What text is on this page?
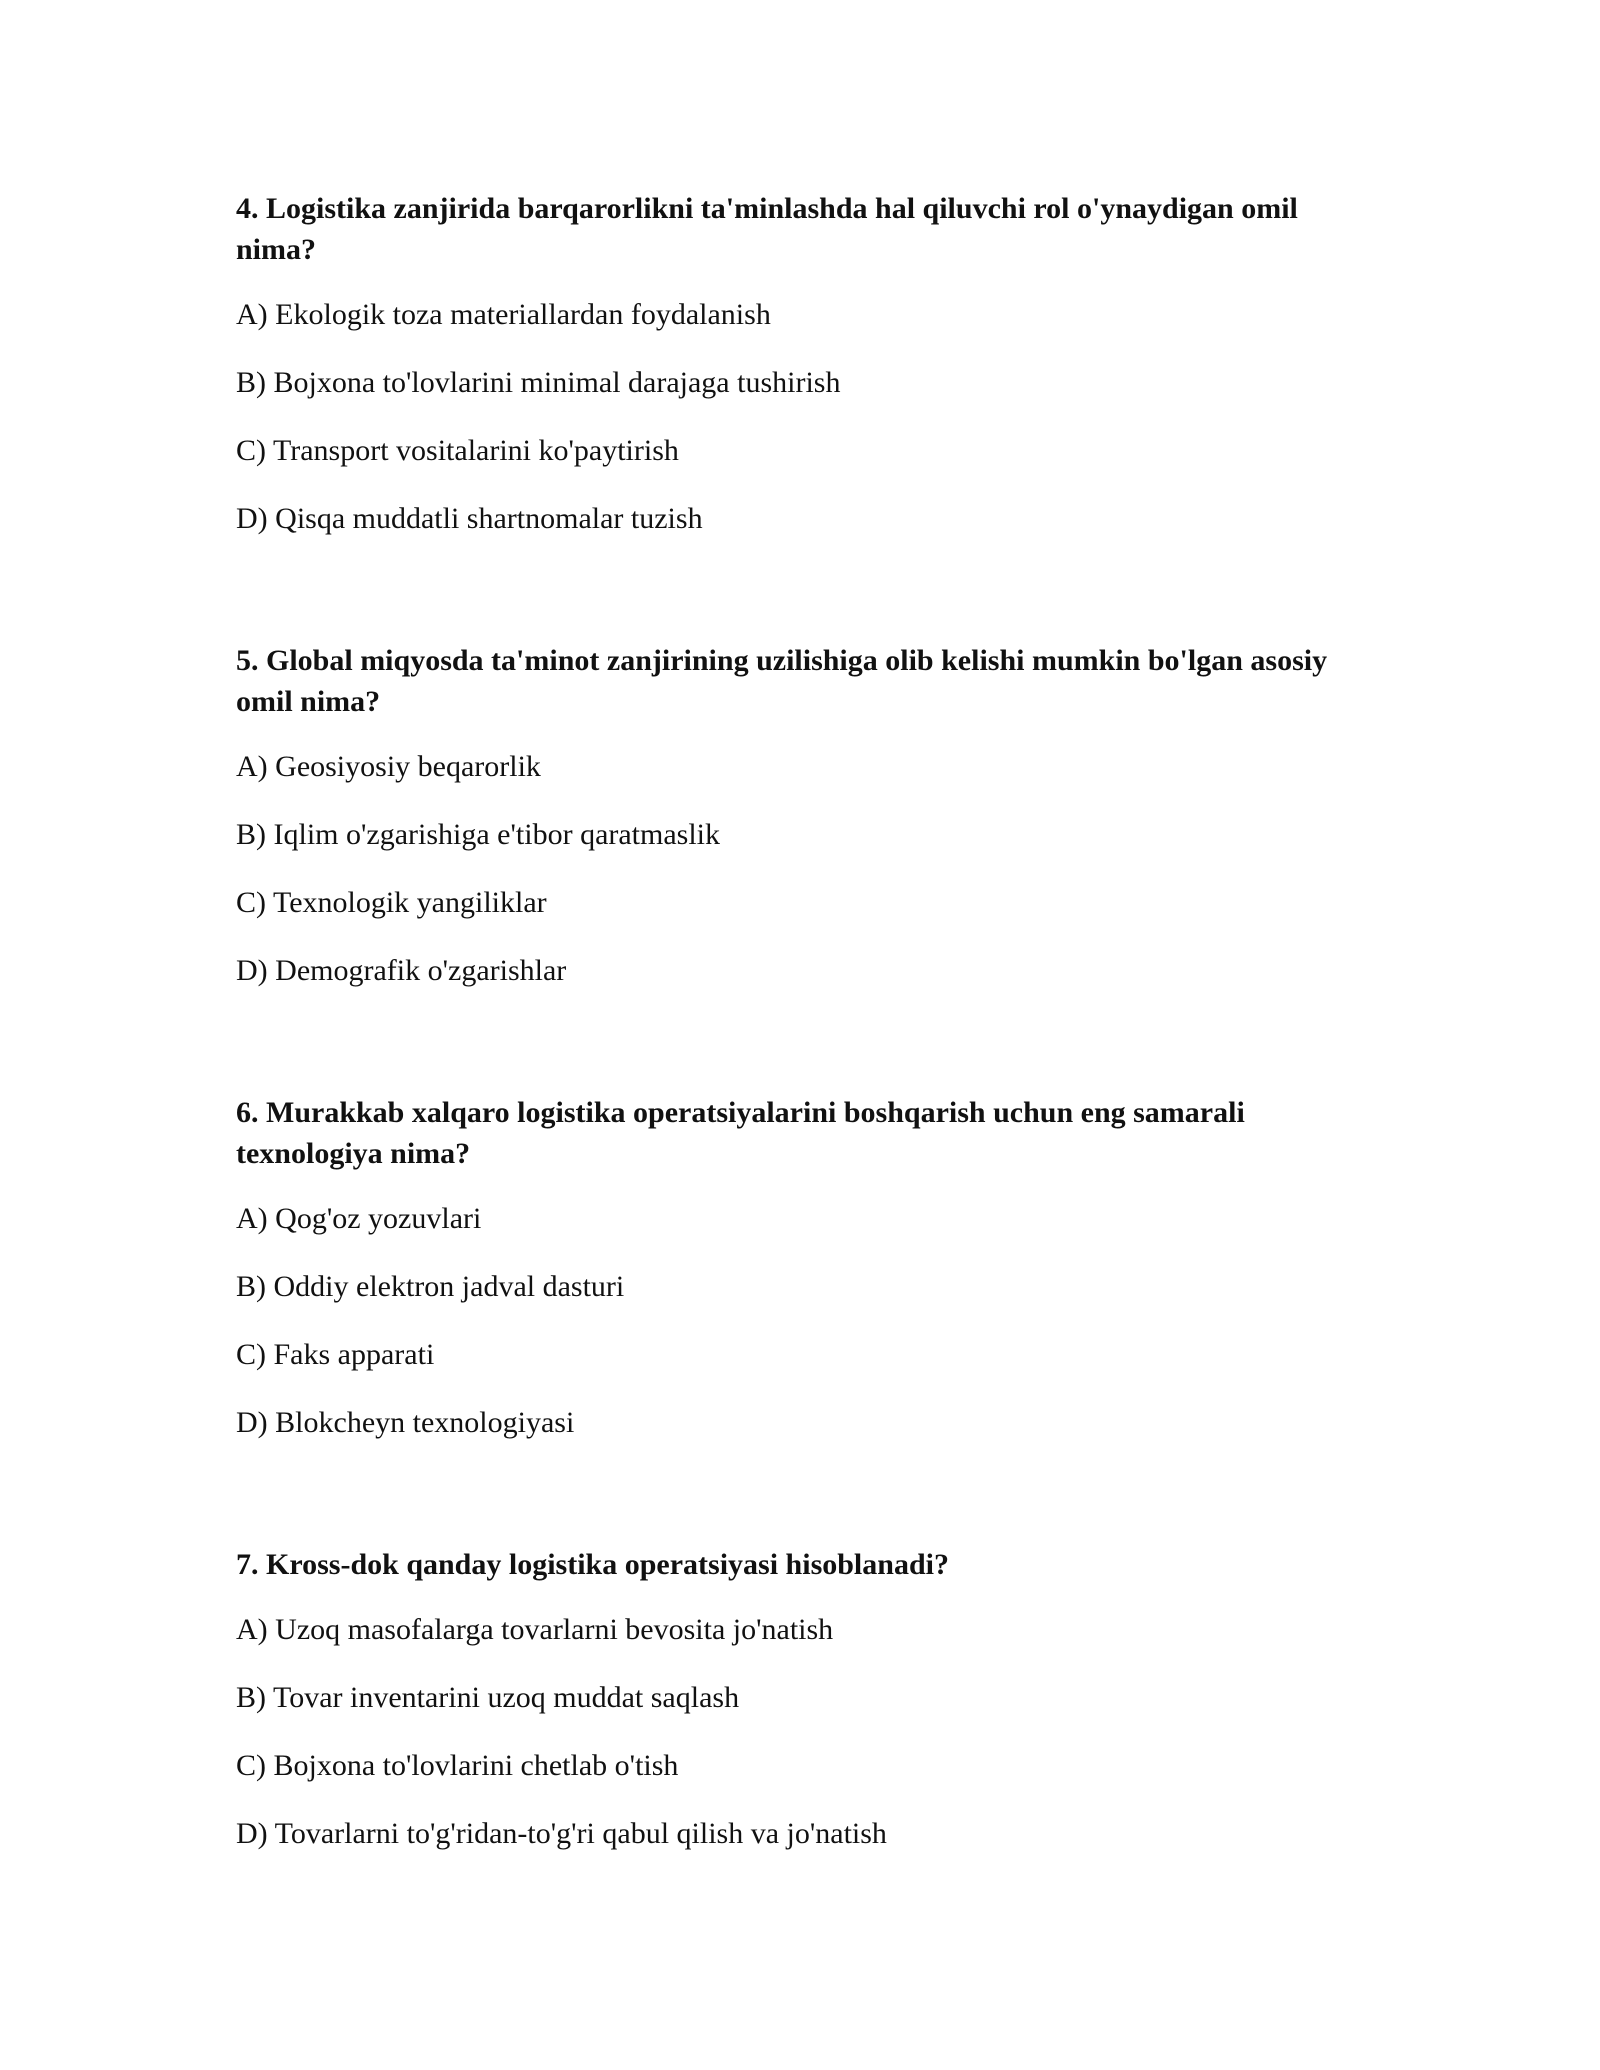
4. Logistika zanjirida barqarorlikni ta'minlashda hal qiluvchi rol o'ynaydigan omil nima?

A) Ekologik toza materiallardan foydalanish
B) Bojxona to'lovlarini minimal darajaga tushirish
C) Transport vositalarini ko'paytirish
D) Qisqa muddatli shartnomalar tuzish

5. Global miqyosda ta'minot zanjirining uzilishiga olib kelishi mumkin bo'lgan asosiy omil nima?

A) Geosiyosiy beqarorlik
B) Iqlim o'zgarishiga e'tibor qaratmaslik
C) Texnologik yangiliklar
D) Demografik o'zgarishlar

6. Murakkab xalqaro logistika operatsiyalarini boshqarish uchun eng samarali texnologiya nima?

A) Qog'oz yozuvlari
B) Oddiy elektron jadval dasturi
C) Faks apparati
D) Blokcheyn texnologiyasi

7. Kross-dok qanday logistika operatsiyasi hisoblanadi?

A) Uzoq masofalarga tovarlarni bevosita jo'natish
B) Tovar inventarini uzoq muddat saqlash
C) Bojxona to'lovlarini chetlab o'tish
D) Tovarlarni to'g'ridan-to'g'ri qabul qilish va jo'natish
